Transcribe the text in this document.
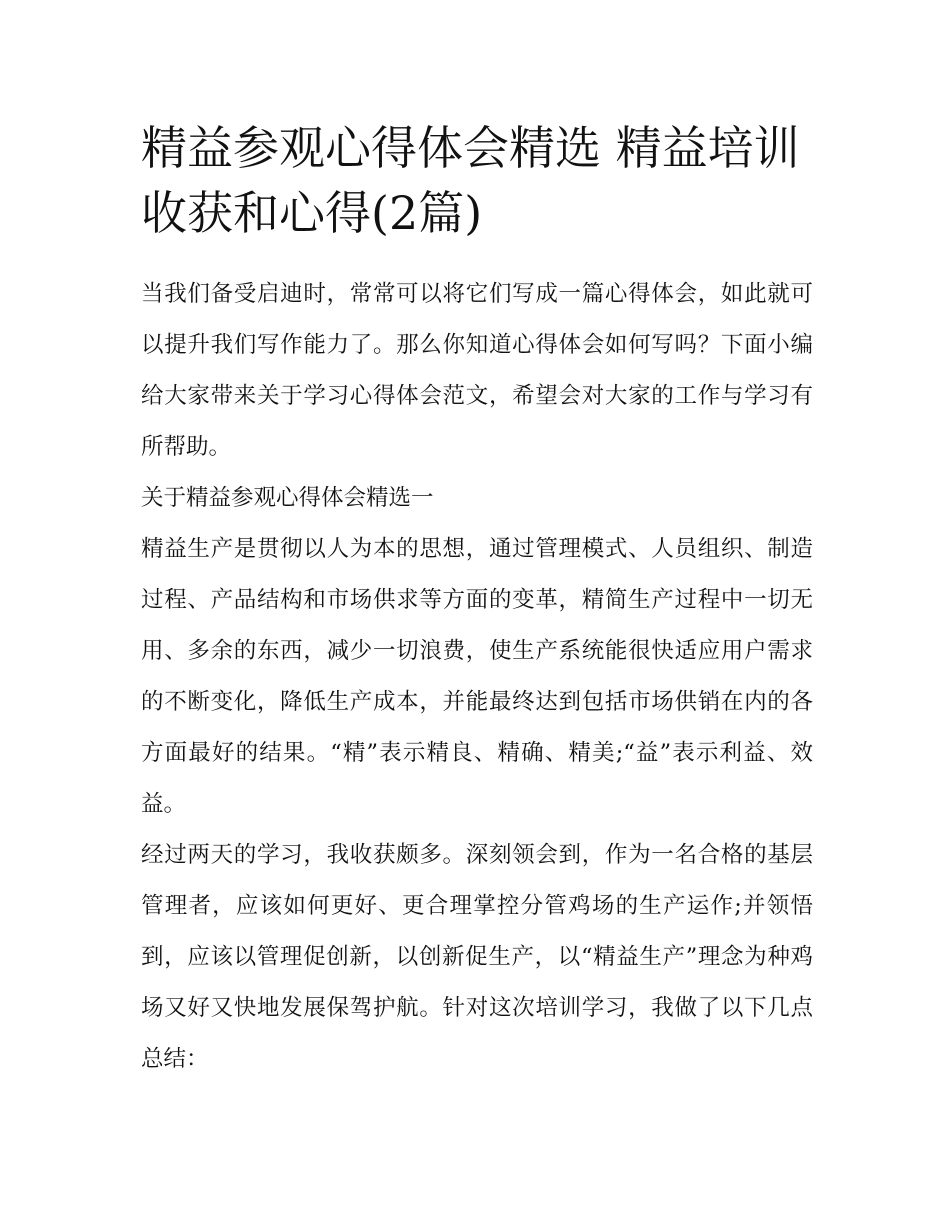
精益参观心得体会精选 精益培训收获和心得(2篇)

当我们备受启迪时，常常可以将它们写成一篇心得体会，如此就可以提升我们写作能力了。那么你知道心得体会如何写吗？下面小编给大家带来关于学习心得体会范文，希望会对大家的工作与学习有所帮助。

关于精益参观心得体会精选一

精益生产是贯彻以人为本的思想，通过管理模式、人员组织、制造过程、产品结构和市场供求等方面的变革，精简生产过程中一切无用、多余的东西，减少一切浪费，使生产系统能很快适应用户需求的不断变化，降低生产成本，并能最终达到包括市场供销在内的各方面最好的结果。“精”表示精良、精确、精美;“益”表示利益、效益。

经过两天的学习，我收获颇多。深刻领会到，作为一名合格的基层管理者，应该如何更好、更合理掌控分管鸡场的生产运作;并领悟到，应该以管理促创新，以创新促生产，以“精益生产”理念为种鸡场又好又快地发展保驾护航。针对这次培训学习，我做了以下几点总结：
